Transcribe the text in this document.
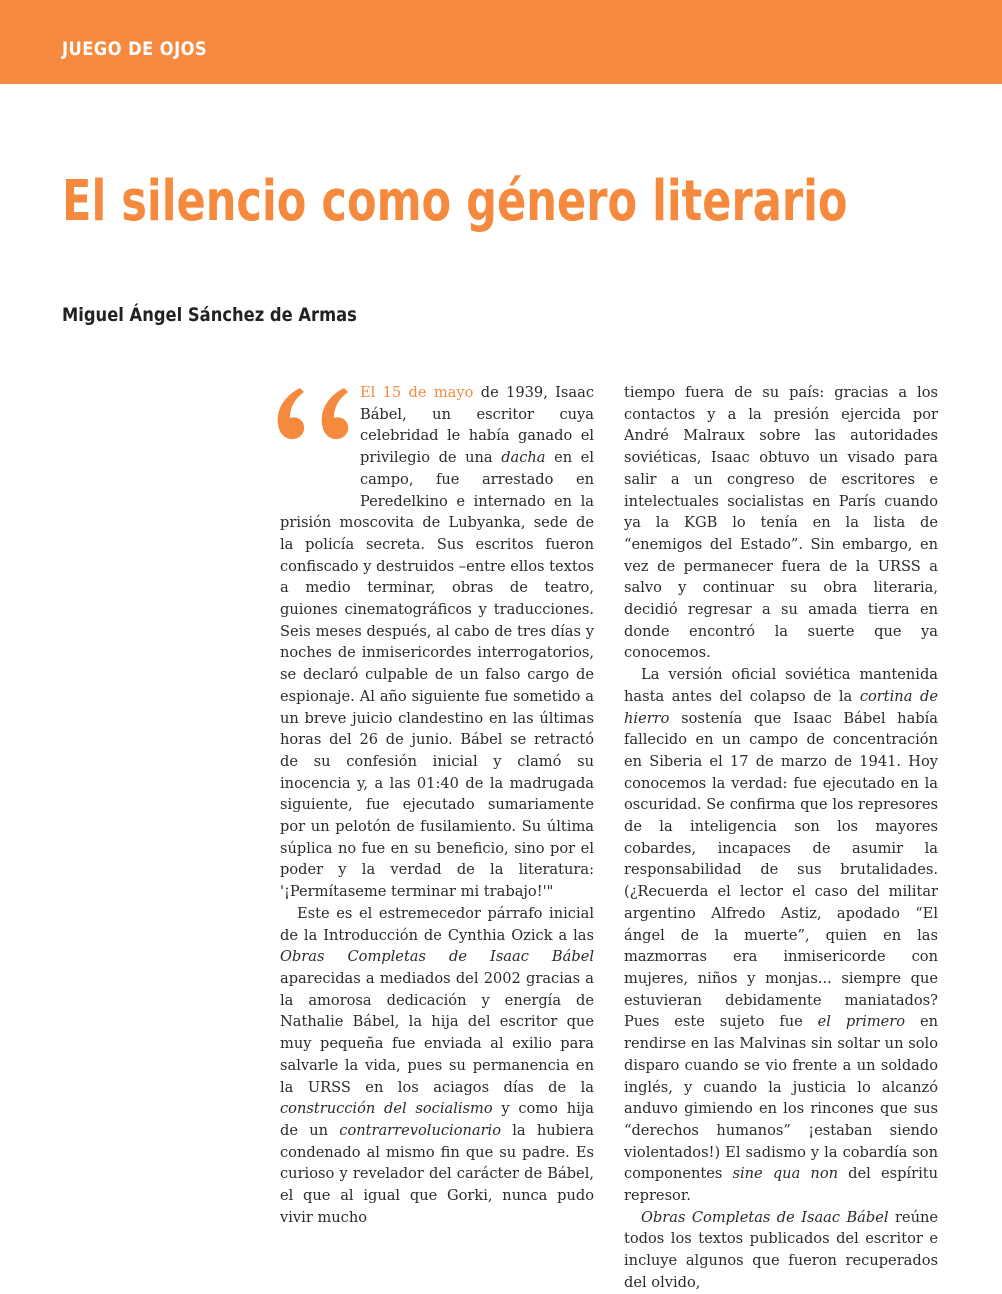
JUEGO DE OJOS
El silencio como género literario
Miguel Ángel Sánchez de Armas

El 15 de mayo de 1939, Isaac Bábel, un escritor cuya celebridad le había ganado el privilegio de una dacha en el campo, fue arrestado en Peredelkino e internado en la prisión moscovita de Lubyanka, sede de la policía secreta. Sus escritos fueron confiscado y destruidos –entre ellos textos a medio terminar, obras de teatro, guiones cinematográficos y traducciones. Seis meses después, al cabo de tres días y noches de inmisericordes interrogatorios, se declaró culpable de un falso cargo de espionaje. Al año siguiente fue sometido a un breve juicio clandestino en las últimas horas del 26 de junio. Bábel se retractó de su confesión inicial y clamó su inocencia y, a las 01:40 de la madrugada siguiente, fue ejecutado sumariamente por un pelotón de fusilamiento. Su última súplica no fue en su beneficio, sino por el poder y la verdad de la literatura: '¡Permítaseme terminar mi trabajo!'"

Este es el estremecedor párrafo inicial de la Introducción de Cynthia Ozick a las Obras Completas de Isaac Bábel aparecidas a mediados del 2002 gracias a la amorosa dedicación y energía de Nathalie Bábel, la hija del escritor que muy pequeña fue enviada al exilio para salvarle la vida, pues su permanencia en la URSS en los aciagos días de la construcción del socialismo y como hija de un contrarrevolucionario la hubiera condenado al mismo fin que su padre. Es curioso y revelador del carácter de Bábel, el que al igual que Gorki, nunca pudo vivir mucho

tiempo fuera de su país: gracias a los contactos y a la presión ejercida por André Malraux sobre las autoridades soviéticas, Isaac obtuvo un visado para salir a un congreso de escritores e intelectuales socialistas en París cuando ya la KGB lo tenía en la lista de “enemigos del Estado”. Sin embargo, en vez de permanecer fuera de la URSS a salvo y continuar su obra literaria, decidió regresar a su amada tierra en donde encontró la suerte que ya conocemos.

La versión oficial soviética mantenida hasta antes del colapso de la cortina de hierro sostenía que Isaac Bábel había fallecido en un campo de concentración en Siberia el 17 de marzo de 1941. Hoy conocemos la verdad: fue ejecutado en la oscuridad. Se confirma que los represores de la inteligencia son los mayores cobardes, incapaces de asumir la responsabilidad de sus brutalidades. (¿Recuerda el lector el caso del militar argentino Alfredo Astiz, apodado “El ángel de la muerte”, quien en las mazmorras era inmisericorde con mujeres, niños y monjas... siempre que estuvieran debidamente maniatados? Pues este sujeto fue el primero en rendirse en las Malvinas sin soltar un solo disparo cuando se vio frente a un soldado inglés, y cuando la justicia lo alcanzó anduvo gimiendo en los rincones que sus “derechos humanos” ¡estaban siendo violentados!) El sadismo y la cobardía son componentes sine qua non del espíritu represor.

Obras Completas de Isaac Bábel reúne todos los textos publicados del escritor e incluye algunos que fueron recuperados del olvido,
